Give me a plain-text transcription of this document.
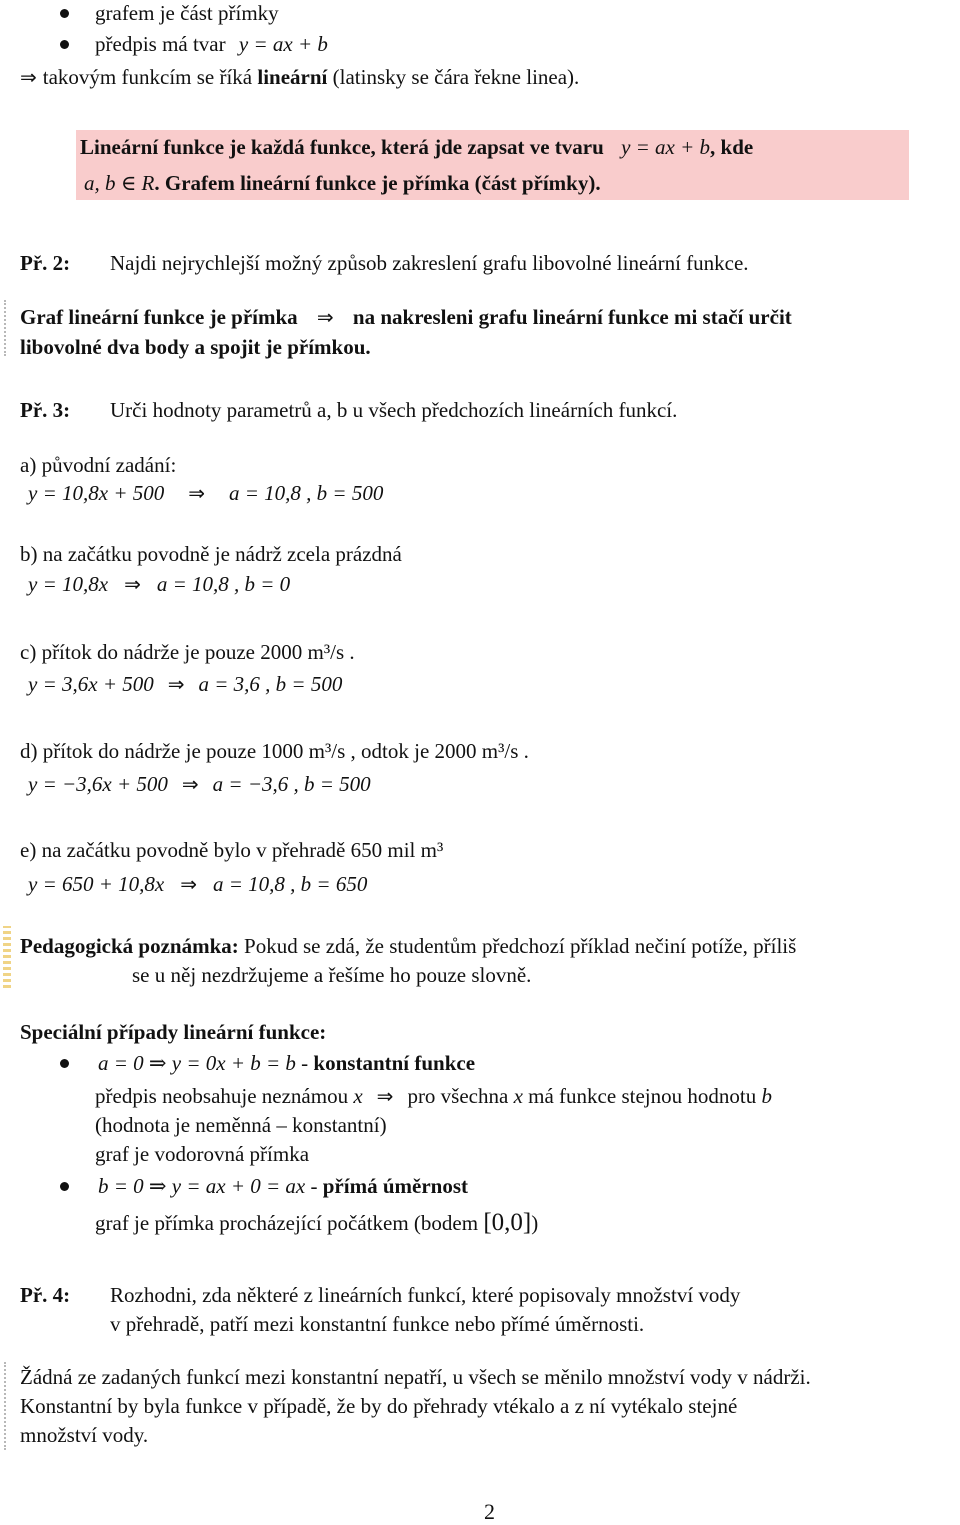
grafem je část přímky
předpis má tvar y = ax + b
⇒ takovým funkcím se říká lineární (latinsky se čára řekne linea).
Lineární funkce je každá funkce, která jde zapsat ve tvaru y = ax + b, kde
a, b ∈ R. Grafem lineární funkce je přímka (část přímky).
Př. 2: Najdi nejrychlejší možný způsob zakreslení grafu libovolné lineární funkce.
Graf lineární funkce je přímka ⇒ na nakresleni grafu lineární funkce mi stačí určit
libovolné dva body a spojit je přímkou.
Př. 3: Urči hodnoty parametrů a, b u všech předchozích lineárních funkcí.
a) původní zadání:
y = 10,8x + 500 ⇒ a = 10,8 , b = 500
b) na začátku povodně je nádrž zcela prázdná
y = 10,8x ⇒ a = 10,8 , b = 0
c) přítok do nádrže je pouze 2000 m³/s .
y = 3,6x + 500 ⇒ a = 3,6 , b = 500
d) přítok do nádrže je pouze 1000 m³/s , odtok je 2000 m³/s .
y = −3,6x + 500 ⇒ a = −3,6 , b = 500
e) na začátku povodně bylo v přehradě 650 mil m³
y = 650 + 10,8x ⇒ a = 10,8 , b = 650
Pedagogická poznámka: Pokud se zdá, že studentům předchozí příklad nečiní potíže, příliš
se u něj nezdržujeme a řešíme ho pouze slovně.
Speciální případy lineární funkce:
a = 0 ⇒ y = 0x + b = b - konstantní funkce
předpis neobsahuje neznámou x ⇒ pro všechna x má funkce stejnou hodnotu b
(hodnota je neměnná – konstantní)
graf je vodorovná přímka
b = 0 ⇒ y = ax + 0 = ax - přímá úměrnost
graf je přímka procházející počátkem (bodem [0,0])
Př. 4: Rozhodni, zda některé z lineárních funkcí, které popisovaly množství vody
v přehradě, patří mezi konstantní funkce nebo přímé úměrnosti.
Žádná ze zadaných funkcí mezi konstantní nepatří, u všech se měnilo množství vody v nádrži.
Konstantní by byla funkce v případě, že by do přehrady vtékalo a z ní vytékalo stejné
množství vody.
2
